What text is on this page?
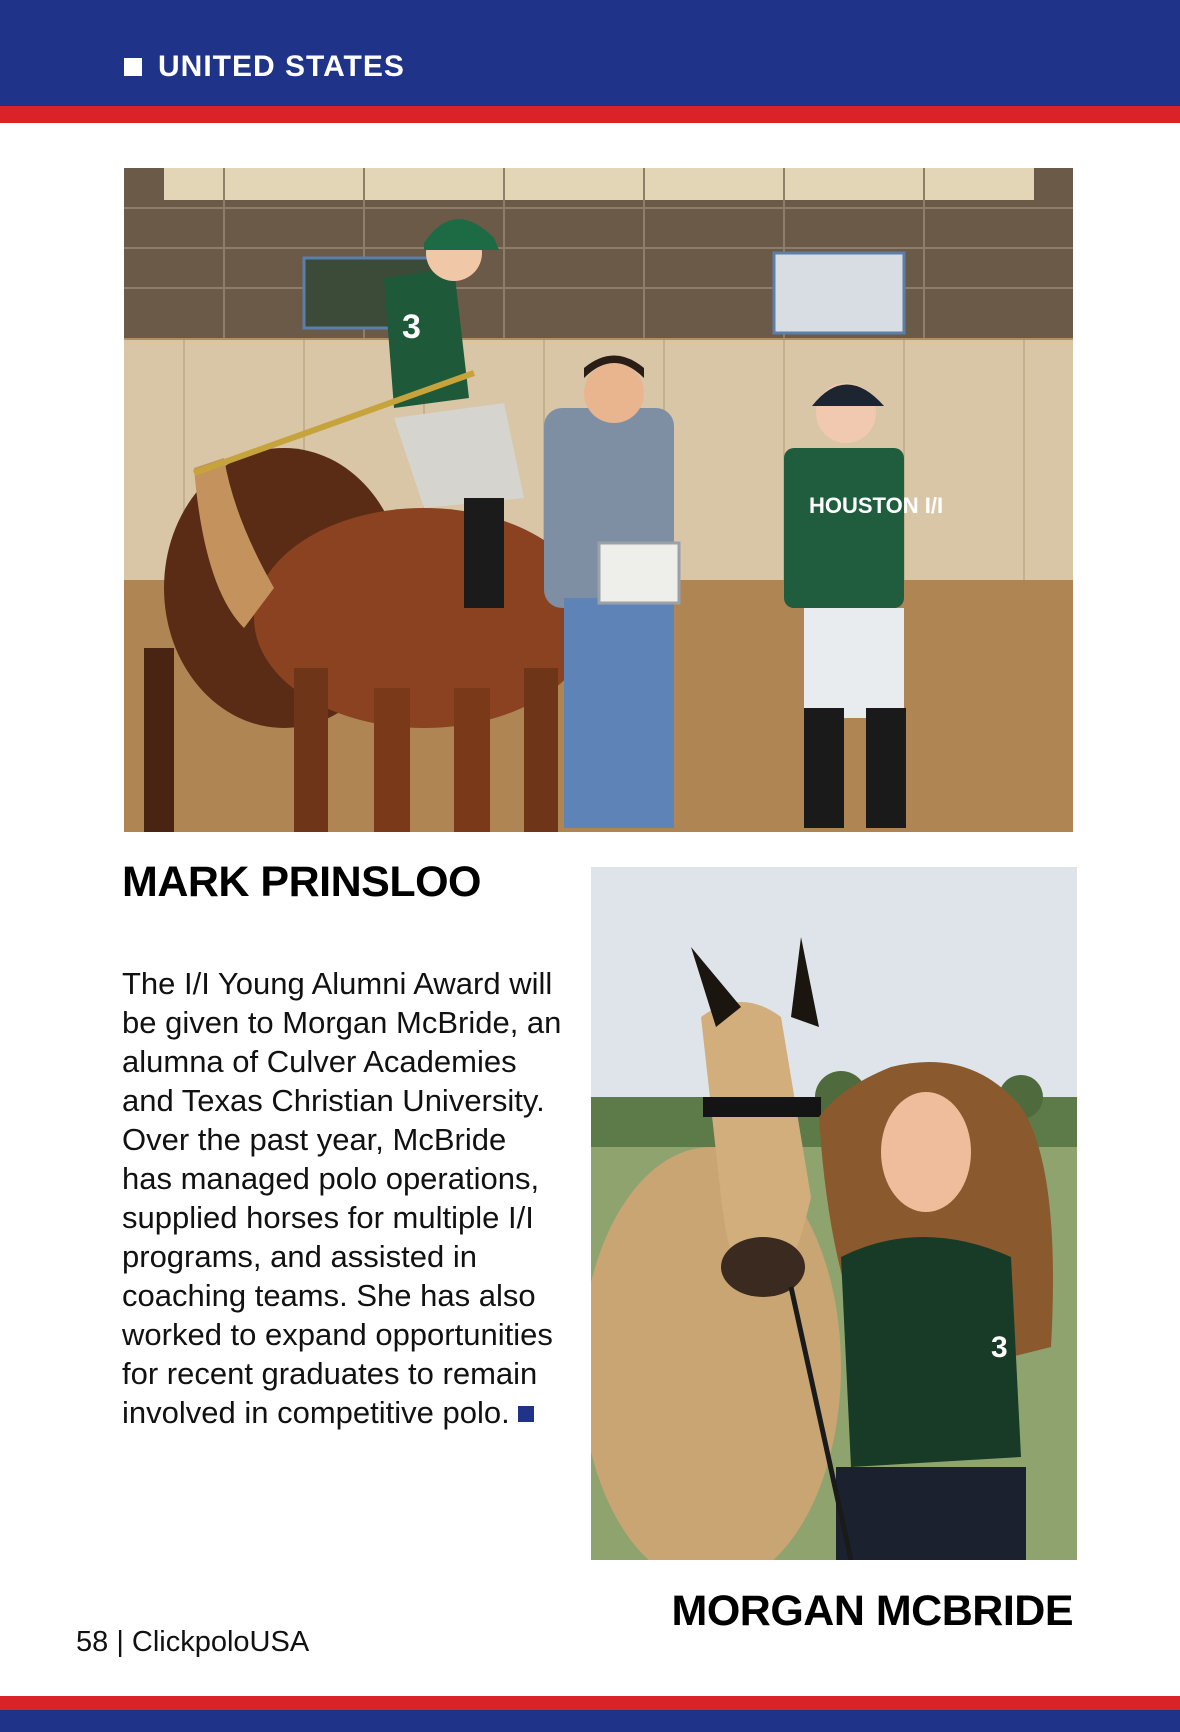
UNITED STATES
HOUSTON I/I
3
3
MARK PRINSLOO
The I/I Young Alumni Award will be given to Morgan McBride, an alumna of Culver Academies and Texas Christian University. Over the past year, McBride has managed polo operations, supplied horses for multiple I/I programs, and assisted in coaching teams. She has also worked to expand opportunities for recent graduates to remain involved in competitive polo.
MORGAN MCBRIDE
58 | ClickpoloUSA
